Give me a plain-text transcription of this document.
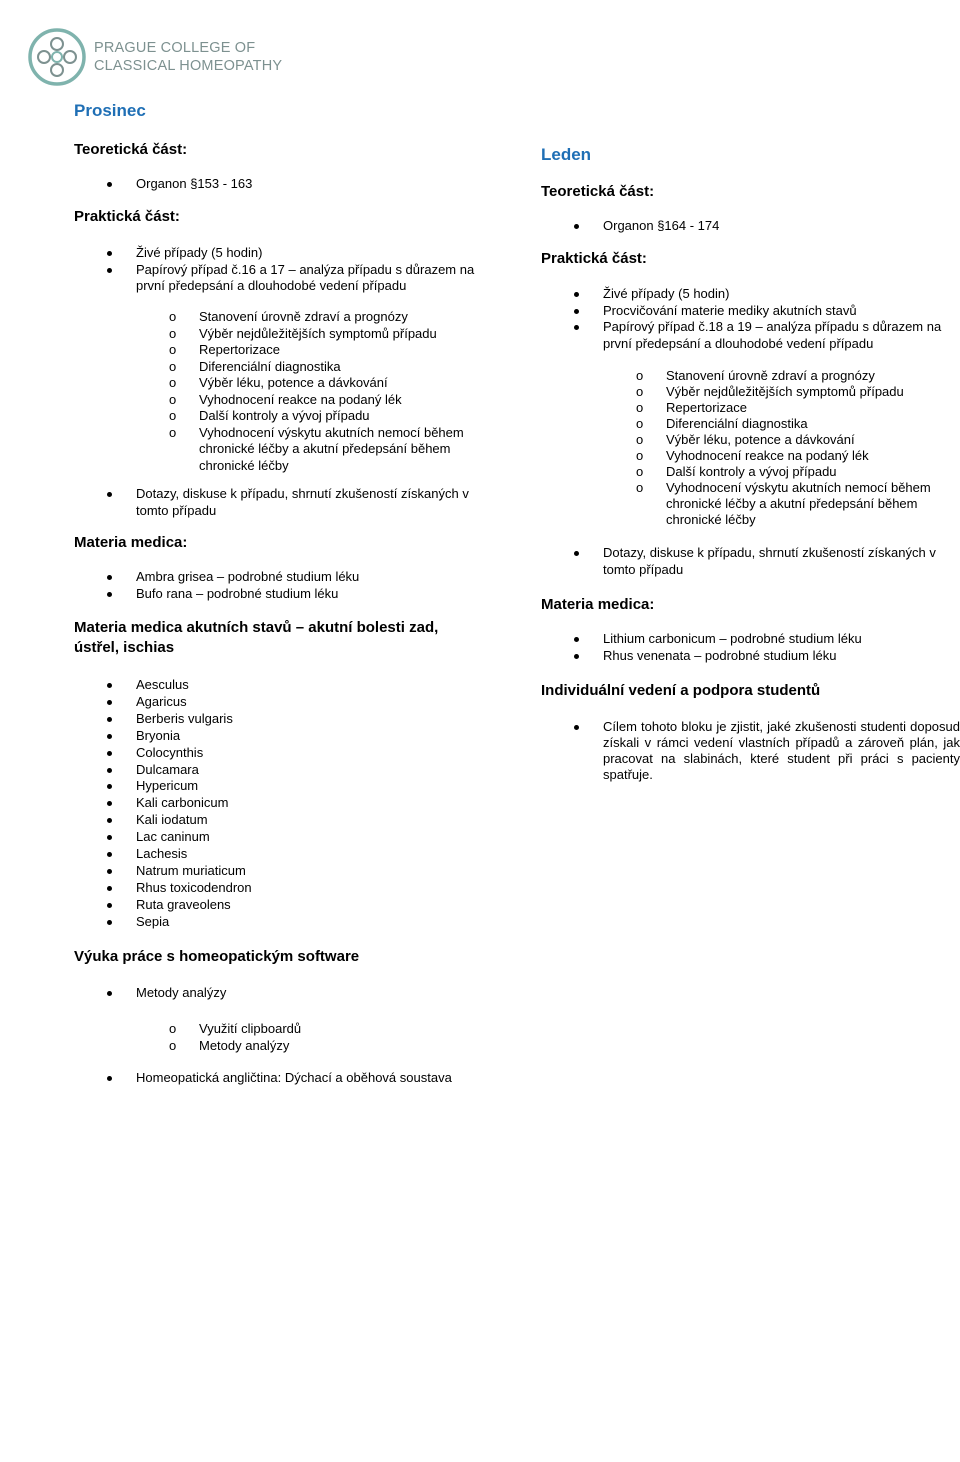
PRAGUE COLLEGE OF
CLASSICAL HOMEOPATHY
Prosinec
Teoretická část:
Organon §153 - 163
Praktická část:
Živé případy (5 hodin)
Papírový případ č.16 a 17 – analýza případu s důrazem na první předepsání a dlouhodobé vedení případu
o Stanovení úrovně zdraví a prognózy
o Výběr nejdůležitějších symptomů případu
o Repertorizace
o Diferenciální diagnostika
o Výběr léku, potence a dávkování
o Vyhodnocení reakce na podaný lék
o Další kontroly a vývoj případu
o Vyhodnocení výskytu akutních nemocí během chronické léčby a akutní předepsání během chronické léčby
Dotazy, diskuse k případu, shrnutí zkušeností získaných v tomto případu
Materia medica:
Ambra grisea – podrobné studium léku
Bufo rana – podrobné studium léku
Materia medica akutních stavů – akutní bolesti zad, ústřel, ischias
Aesculus
Agaricus
Berberis vulgaris
Bryonia
Colocynthis
Dulcamara
Hypericum
Kali carbonicum
Kali iodatum
Lac caninum
Lachesis
Natrum muriaticum
Rhus toxicodendron
Ruta graveolens
Sepia
Výuka práce s homeopatickým software
Metody analýzy
o Využití clipboardů
o Metody analýzy
Homeopatická angličtina: Dýchací a oběhová soustava
Leden
Teoretická část:
Organon §164 - 174
Praktická část:
Živé případy (5 hodin)
Procvičování materie mediky akutních stavů
Papírový případ č.18 a 19 – analýza případu s důrazem na první předepsání a dlouhodobé vedení případu
o Stanovení úrovně zdraví a prognózy
o Výběr nejdůležitějších symptomů případu
o Repertorizace
o Diferenciální diagnostika
o Výběr léku, potence a dávkování
o Vyhodnocení reakce na podaný lék
o Další kontroly a vývoj případu
o Vyhodnocení výskytu akutních nemocí během chronické léčby a akutní předepsání během chronické léčby
Dotazy, diskuse k případu, shrnutí zkušeností získaných v tomto případu
Materia medica:
Lithium carbonicum – podrobné studium léku
Rhus venenata – podrobné studium léku
Individuální vedení a podpora studentů
Cílem tohoto bloku je zjistit, jaké zkušenosti studenti doposud získali v rámci vedení vlastních případů a zároveň plán, jak pracovat na slabinách, které student při práci s pacienty spatřuje.
